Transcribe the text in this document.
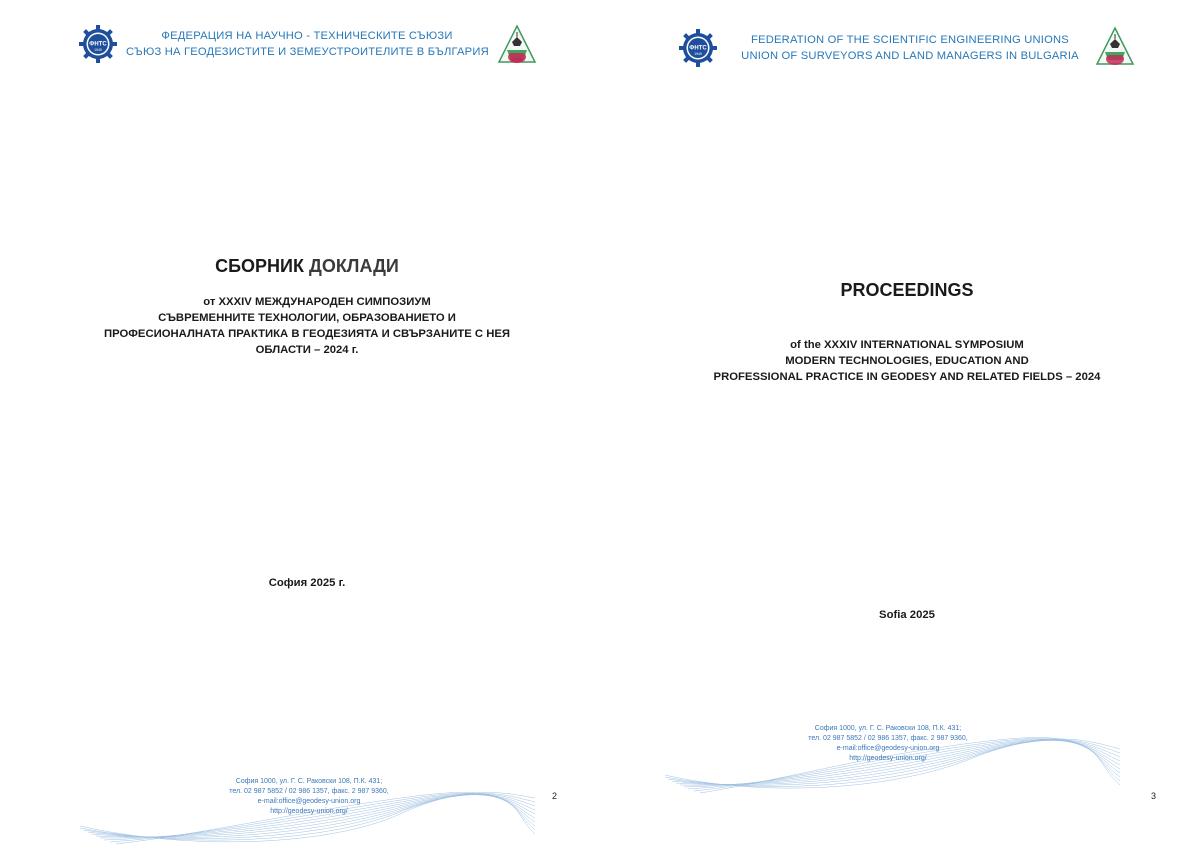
ФНТС
1949
ФЕДЕРАЦИЯ НА НАУЧНО - ТЕХНИЧЕСКИТЕ СЪЮЗИ
СЪЮЗ НА ГЕОДЕЗИСТИТЕ И ЗЕМЕУСТРОИТЕЛИТЕ В БЪЛГАРИЯ
СБОРНИК ДОКЛАДИ
от XXXIV МЕЖДУНАРОДЕН СИМПОЗИУМ
СЪВРЕМЕННИТЕ ТЕХНОЛОГИИ, ОБРАЗОВАНИЕТО И
ПРОФЕСИОНАЛНАТА ПРАКТИКА В ГЕОДЕЗИЯТА И СВЪРЗАНИТЕ С НЕЯ
ОБЛАСТИ – 2024 г.
София 2025 г.
София 1000, ул. Г. С. Раковски 108, П.К. 431;
тел. 02 987 5852 / 02 986 1357, факс. 2 987 9360,
e-mail:office@geodesy-union.org
http://geodesy-union.org/
2
ФНТС
1949
FEDERATION OF THE SCIENTIFIC ENGINEERING UNIONS
UNION OF SURVEYORS AND LAND MANAGERS IN BULGARIA
PROCEEDINGS
of the XXXIV INTERNATIONAL SYMPOSIUM
MODERN TECHNOLOGIES, EDUCATION AND
PROFESSIONAL PRACTICE IN GEODESY AND RELATED FIELDS – 2024
Sofia 2025
София 1000, ул. Г. С. Раковски 108, П.К. 431;
тел. 02 987 5852 / 02 986 1357, факс. 2 987 9360,
e-mail:office@geodesy-union.org
http://geodesy-union.org/
3
